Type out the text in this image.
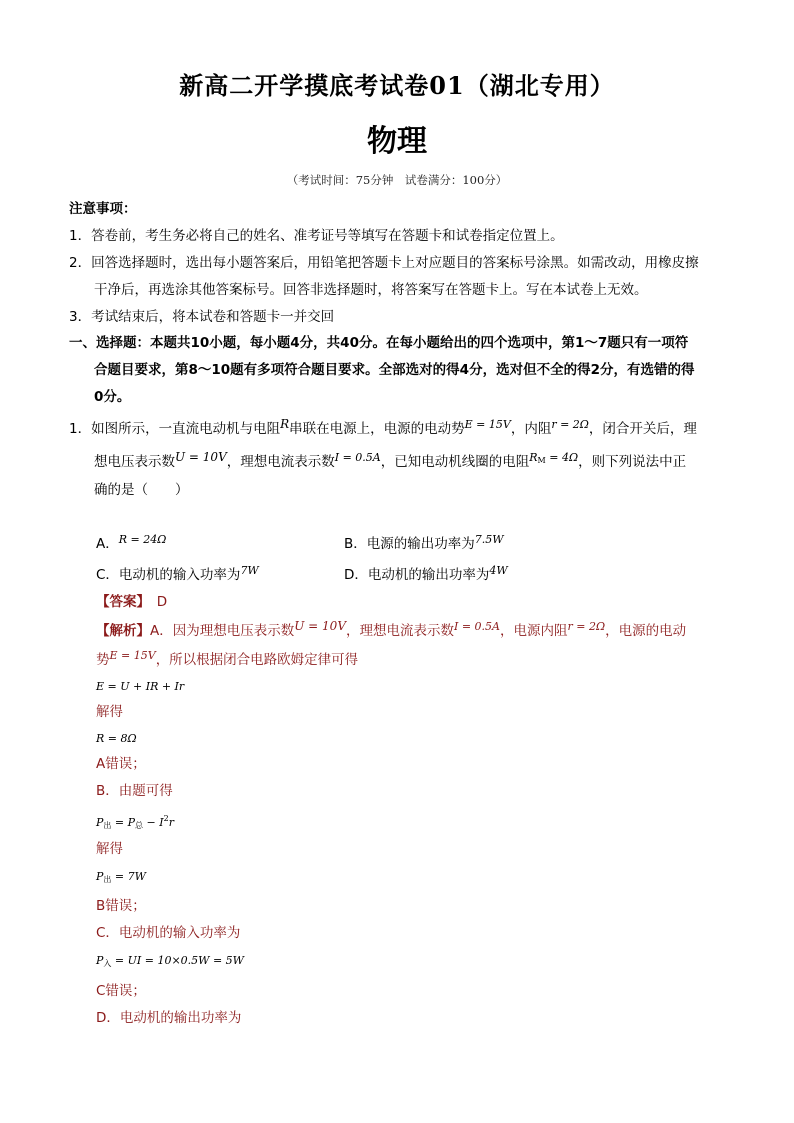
新高二开学摸底考试卷01（湖北专用）
物理
（考试时间：75分钟　试卷满分：100分）
注意事项：
1．答卷前，考生务必将自己的姓名、准考证号等填写在答题卡和试卷指定位置上。
2．回答选择题时，选出每小题答案后，用铅笔把答题卡上对应题目的答案标号涂黑。如需改动，用橡皮擦
干净后，再选涂其他答案标号。回答非选择题时，将答案写在答题卡上。写在本试卷上无效。
3．考试结束后，将本试卷和答题卡一并交回
一、选择题：本题共10小题，每小题4分，共40分。在每小题给出的四个选项中，第1～7题只有一项符
合题目要求，第8～10题有多项符合题目要求。全部选对的得4分，选对但不全的得2分，有选错的得
0分。
1．如图所示，一直流电动机与电阻R串联在电源上，电源的电动势$^{E = 15V}$，内阻$^{r = 2\Omega}$，闭合开关后，理
想电压表示数U = 10V，理想电流表示数$^{I = 0.5A}$，已知电动机线圈的电阻$^{R_M = 4\Omega}$，则下列说法中正
确的是（　　）
A．$^{R = 24\Omega}$	B．电源的输出功率为$^{7.5W}$
C．电动机的输入功率为$^{7W}$	D．电动机的输出功率为$^{4W}$
【答案】　 D
【解析】A．因为理想电压表示数U = 10V，理想电流表示数$^{I = 0.5A}$，电源内阻$^{r = 2\Omega}$，电源的电动
势$^{E = 15V}$，所以根据闭合电路欧姆定律可得
E = U + IR + Ir
解得
R = 8Ω
A错误；
B．由题可得
$P_出 = P_总 - I^2r$
解得
$P_出 = 7W$
B错误；
C．电动机的输入功率为
$P_入$ = UI = 10×0.5W = 5W
C错误；
D．电动机的输出功率为
